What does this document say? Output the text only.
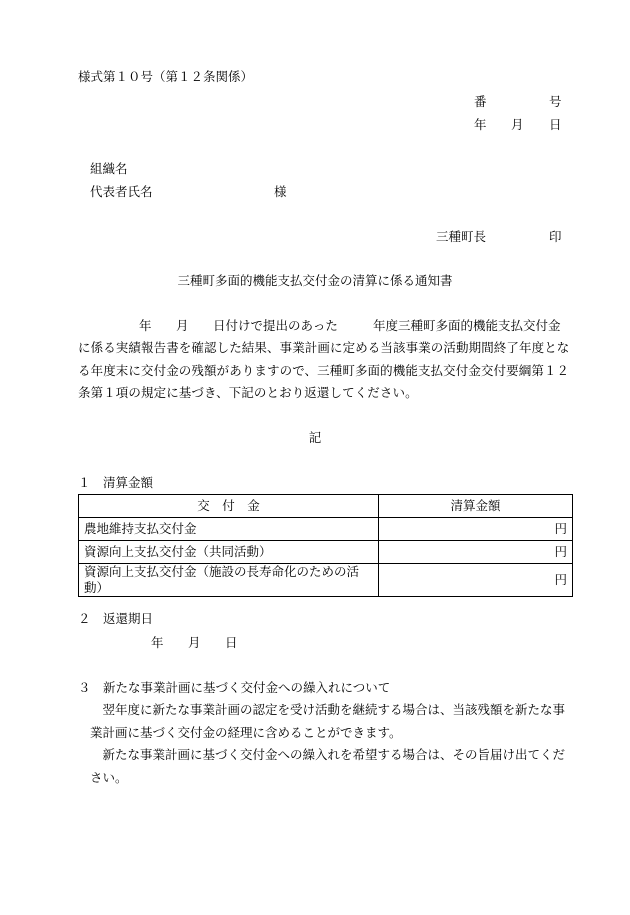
様式第１０号（第１２条関係）
番	号
年 月 日
組織名
代表者氏名	様
三種町長	印
三種町多面的機能支払交付金の清算に係る通知書
年 月 日付けで提出のあった	年度三種町多面的機能支払交付金
に係る実績報告書を確認した結果、事業計画に定める当該事業の活動期間終了年度となる年度末に交付金の残額がありますので、三種町多面的機能支払交付金交付要綱第１２条第１項の規定に基づき、下記のとおり返還してください。
記
１　清算金額
交　付　金	清算金額
農地維持支払交付金	円
資源向上支払交付金（共同活動）	円
資源向上支払交付金（施設の長寿命化のための活動）	円
２　返還期日
年 月 日
３　新たな事業計画に基づく交付金への繰入れについて
翌年度に新たな事業計画の認定を受け活動を継続する場合は、当該残額を新たな事業計画に基づく交付金の経理に含めることができます。
新たな事業計画に基づく交付金への繰入れを希望する場合は、その旨届け出てください。
